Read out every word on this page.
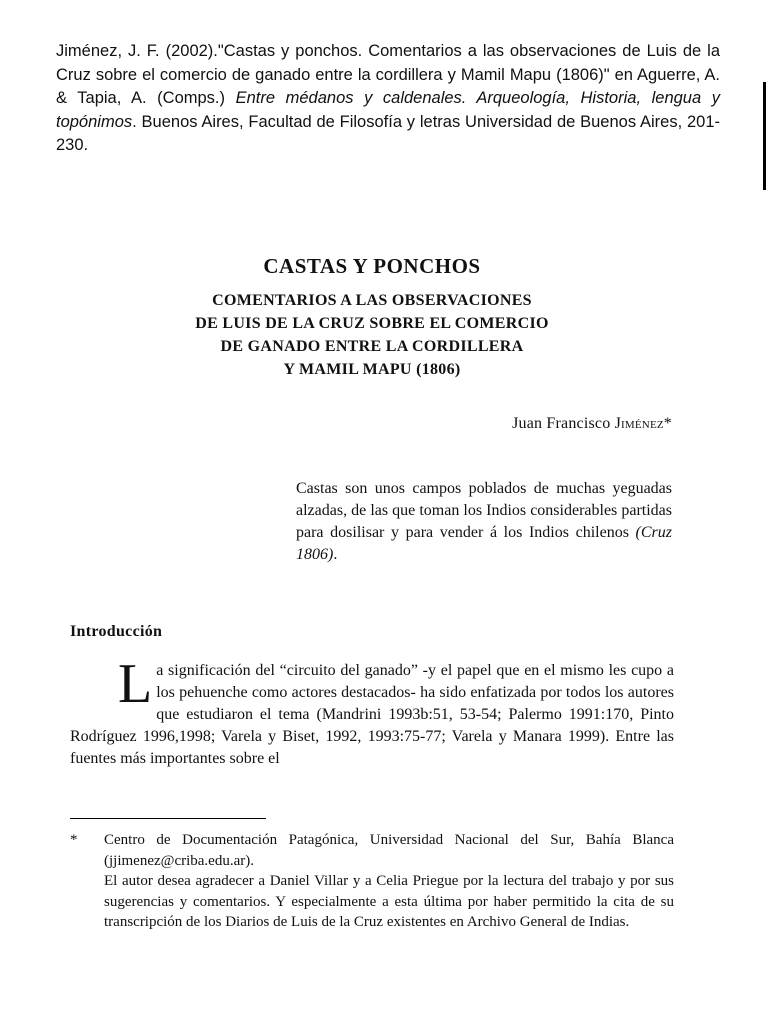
Jiménez, J. F. (2002)."Castas y ponchos. Comentarios a las observaciones de Luis de la Cruz sobre el comercio de ganado entre la cordillera y Mamil Mapu (1806)" en Aguerre, A. & Tapia, A. (Comps.) Entre médanos y caldenales. Arqueología, Historia, lengua y topónimos. Buenos Aires, Facultad de Filosofía y letras Universidad de Buenos Aires, 201-230.
CASTAS Y PONCHOS
COMENTARIOS A LAS OBSERVACIONES
DE LUIS DE LA CRUZ SOBRE EL COMERCIO
DE GANADO ENTRE LA CORDILLERA
Y MAMIL MAPU (1806)
Juan Francisco Jiménez*
Castas son unos campos poblados de muchas yeguadas alzadas, de las que toman los Indios considerables partidas para dosilisar y para vender á los Indios chilenos (Cruz 1806).
Introducción
La significación del “circuito del ganado” -y el papel que en el mismo les cupo a los pehuenche como actores destacados- ha sido enfatizada por todos los autores que estudiaron el tema (Mandrini 1993b:51, 53-54; Palermo 1991:170, Pinto Rodríguez 1996,1998; Varela y Biset, 1992, 1993:75-77; Varela y Manara 1999). Entre las fuentes más importantes sobre el
* Centro de Documentación Patagónica, Universidad Nacional del Sur, Bahía Blanca (jjimenez@criba.edu.ar).

El autor desea agradecer a Daniel Villar y a Celia Priegue por la lectura del trabajo y por sus sugerencias y comentarios. Y especialmente a esta última por haber permitido la cita de su transcripción de los Diarios de Luis de la Cruz existentes en Archivo General de Indias.
